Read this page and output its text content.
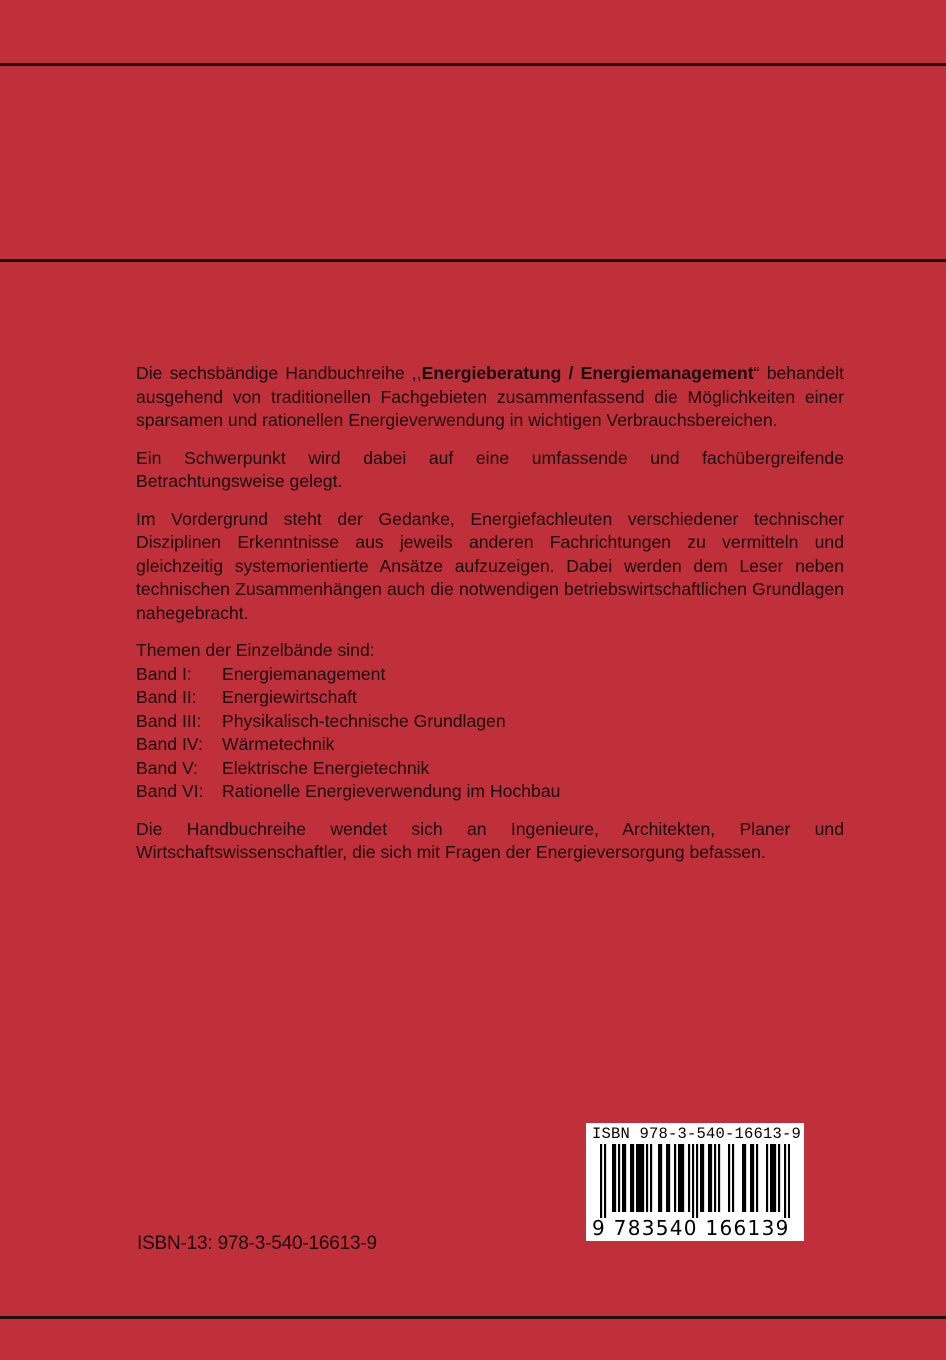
Die sechsbändige Handbuchreihe ,,Energieberatung / Energiemanagement“ behandelt ausgehend von traditionellen Fachgebieten zusammenfassend die Möglichkeiten einer sparsamen und rationellen Energieverwendung in wichtigen Verbrauchsbereichen.

Ein Schwerpunkt wird dabei auf eine umfassende und fachübergreifende Betrachtungsweise gelegt.

Im Vordergrund steht der Gedanke, Energiefachleuten verschiedener technischer Disziplinen Erkenntnisse aus jeweils anderen Fachrichtungen zu vermitteln und gleichzeitig systemorientierte Ansätze aufzuzeigen. Dabei werden dem Leser neben technischen Zusammenhängen auch die notwendigen betriebswirtschaftlichen Grundlagen nahegebracht.

Themen der Einzelbände sind:
Band I:	Energiemanagement
Band II:	Energiewirtschaft
Band III:	Physikalisch-technische Grundlagen
Band IV:	Wärmetechnik
Band V:	Elektrische Energietechnik
Band VI:	Rationelle Energieverwendung im Hochbau

Die Handbuchreihe wendet sich an Ingenieure, Architekten, Planer und Wirtschaftswissenschaftler, die sich mit Fragen der Energieversorgung befassen.

ISBN-13: 978-3-540-16613-9
ISBN 978-3-540-16613-9
9 783540 166139
